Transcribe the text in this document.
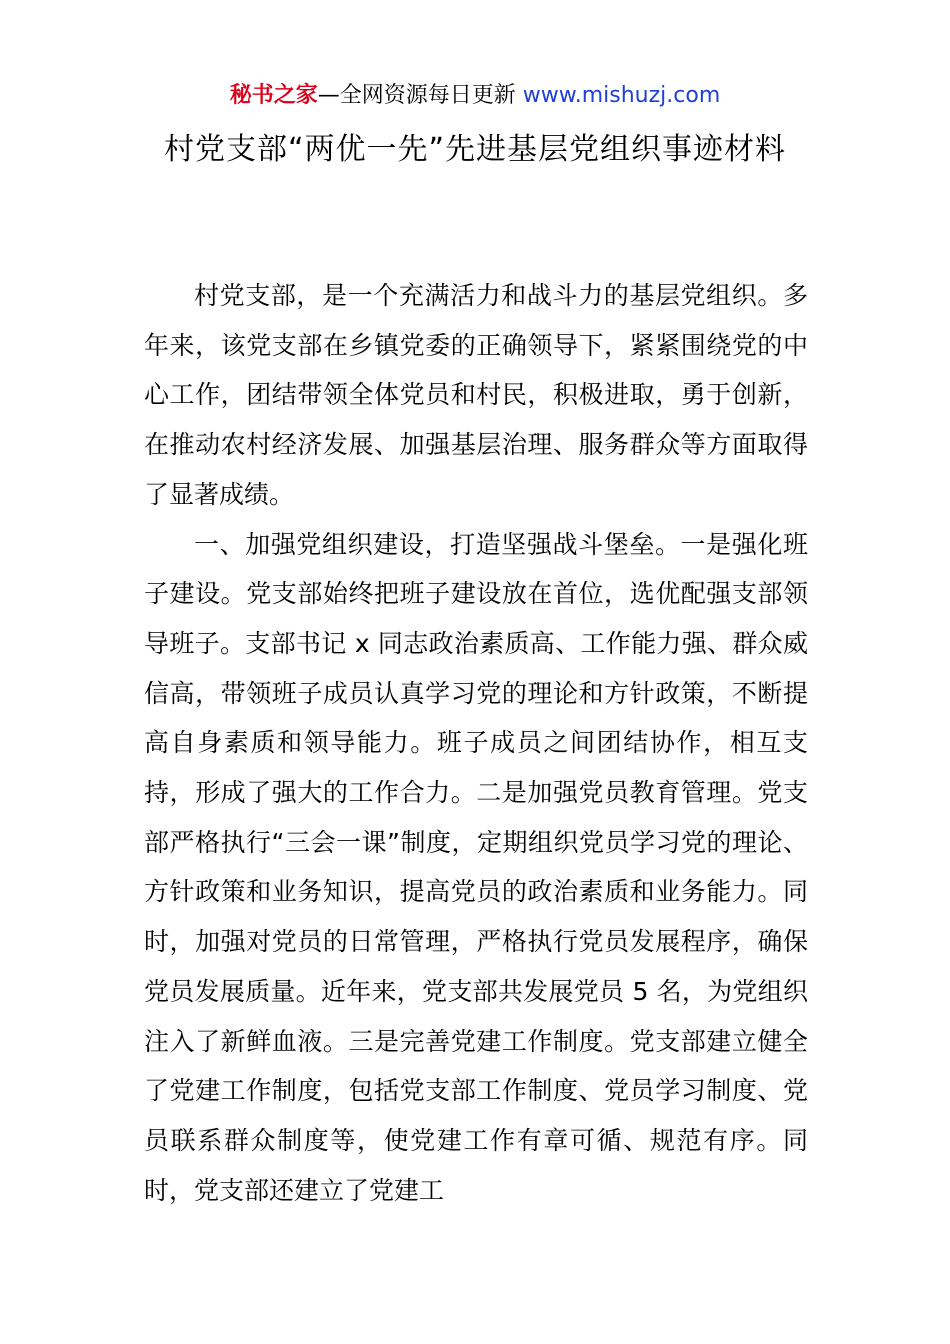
秘书之家—全网资源每日更新 www.mishuzj.com
村党支部“两优一先”先进基层党组织事迹材料

村党支部，是一个充满活力和战斗力的基层党组织。多年来，该党支部在乡镇党委的正确领导下，紧紧围绕党的中心工作，团结带领全体党员和村民，积极进取，勇于创新，在推动农村经济发展、加强基层治理、服务群众等方面取得了显著成绩。

一、加强党组织建设，打造坚强战斗堡垒。一是强化班子建设。党支部始终把班子建设放在首位，选优配强支部领导班子。支部书记 x 同志政治素质高、工作能力强、群众威信高，带领班子成员认真学习党的理论和方针政策，不断提高自身素质和领导能力。班子成员之间团结协作，相互支持，形成了强大的工作合力。二是加强党员教育管理。党支部严格执行“三会一课”制度，定期组织党员学习党的理论、方针政策和业务知识，提高党员的政治素质和业务能力。同时，加强对党员的日常管理，严格执行党员发展程序，确保党员发展质量。近年来，党支部共发展党员 5 名，为党组织注入了新鲜血液。三是完善党建工作制度。党支部建立健全了党建工作制度，包括党支部工作制度、党员学习制度、党员联系群众制度等，使党建工作有章可循、规范有序。同时，党支部还建立了党建工
